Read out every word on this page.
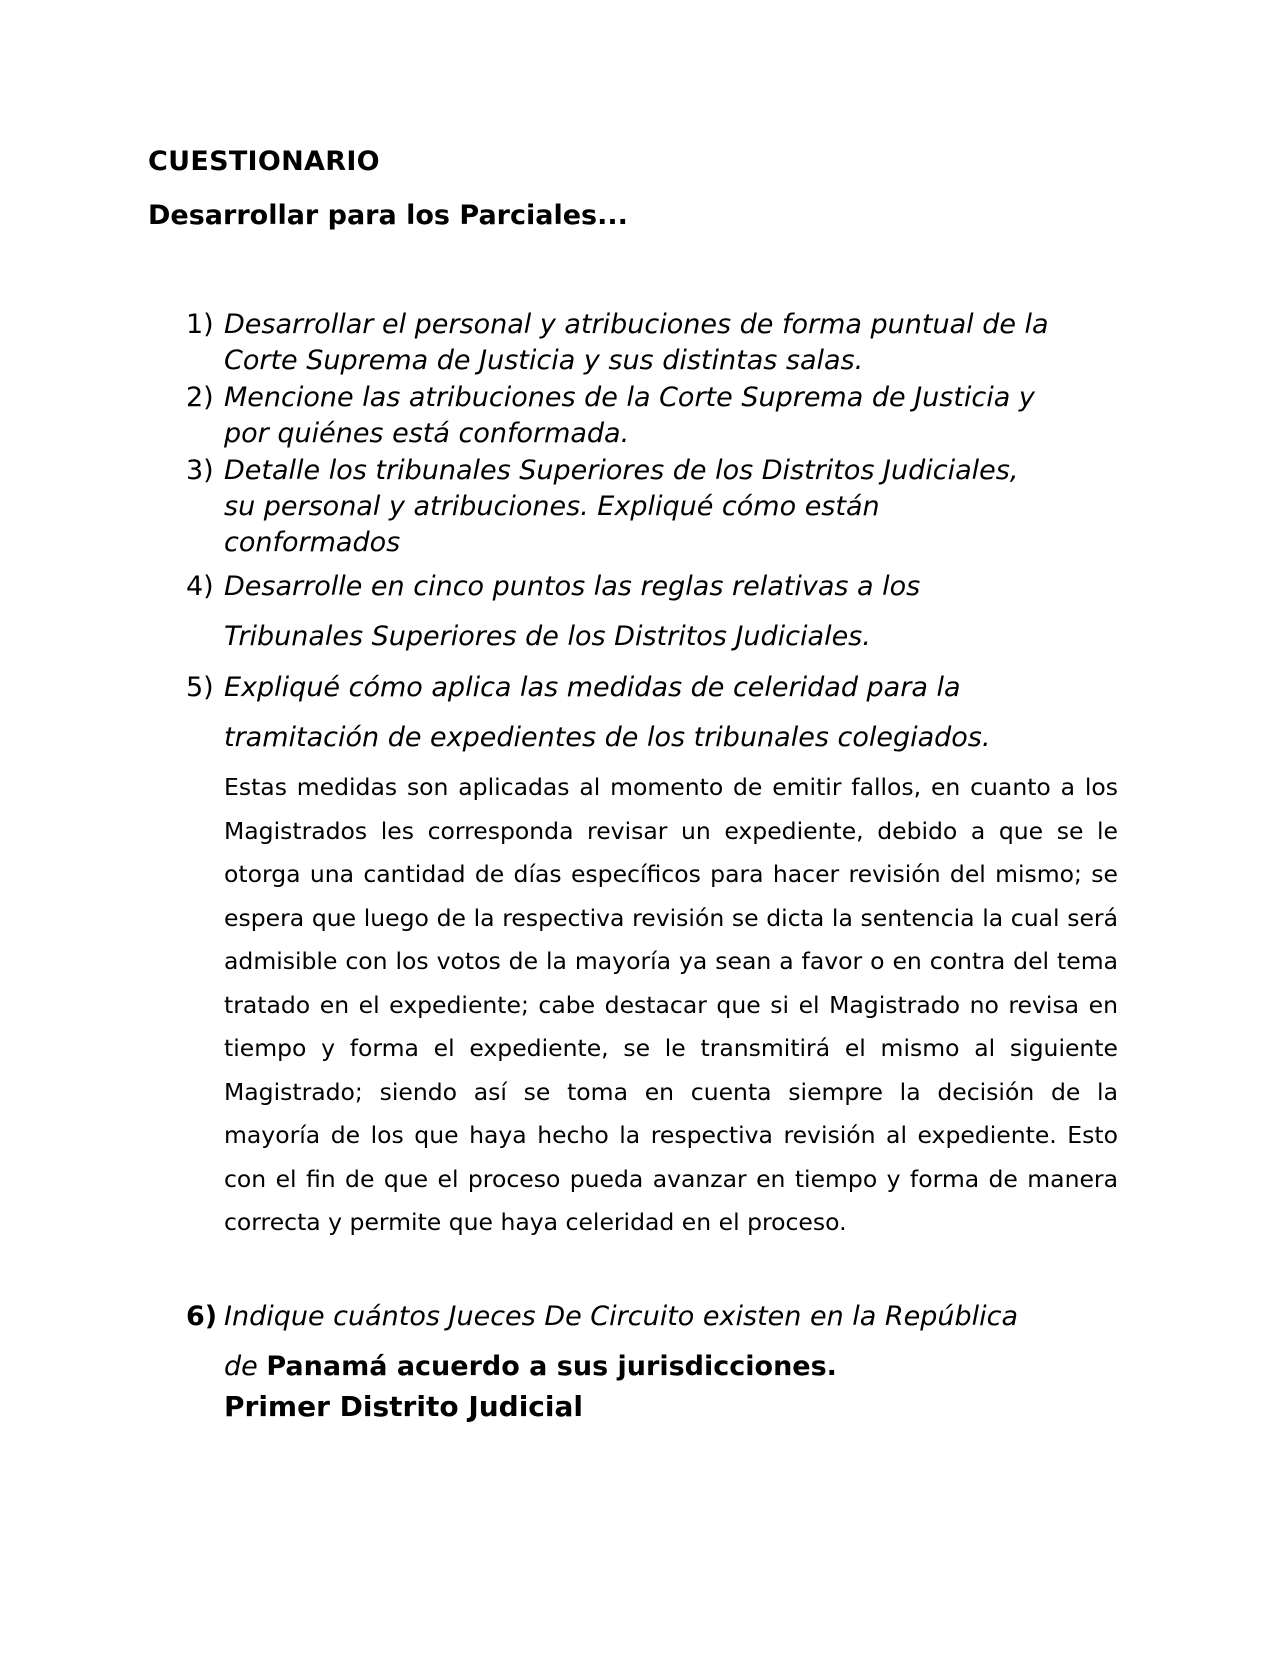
CUESTIONARIO
Desarrollar para los Parciales...
1) Desarrollar el personal y atribuciones de forma puntual de la
Corte Suprema de Justicia y sus distintas salas.
2) Mencione las atribuciones de la Corte Suprema de Justicia y
por quiénes está conformada.
3) Detalle los tribunales Superiores de los Distritos Judiciales,
su personal y atribuciones. Expliqué cómo están
conformados
4) Desarrolle en cinco puntos las reglas relativas a los
Tribunales Superiores de los Distritos Judiciales.
5) Expliqué cómo aplica las medidas de celeridad para la
tramitación de expedientes de los tribunales colegiados.
Estas medidas son aplicadas al momento de emitir fallos, en cuanto a los Magistrados les corresponda revisar un expediente, debido a que se le otorga una cantidad de días específicos para hacer revisión del mismo; se espera que luego de la respectiva revisión se dicta la sentencia la cual será admisible con los votos de la mayoría ya sean a favor o en contra del tema tratado en el expediente; cabe destacar que si el Magistrado no revisa en tiempo y forma el expediente, se le transmitirá el mismo al siguiente Magistrado; siendo así se toma en cuenta siempre la decisión de la mayoría de los que haya hecho la respectiva revisión al expediente. Esto con el fin de que el proceso pueda avanzar en tiempo y forma de manera correcta y permite que haya celeridad en el proceso.
6) Indique cuántos Jueces De Circuito existen en la República
de Panamá acuerdo a sus jurisdicciones.
Primer Distrito Judicial
